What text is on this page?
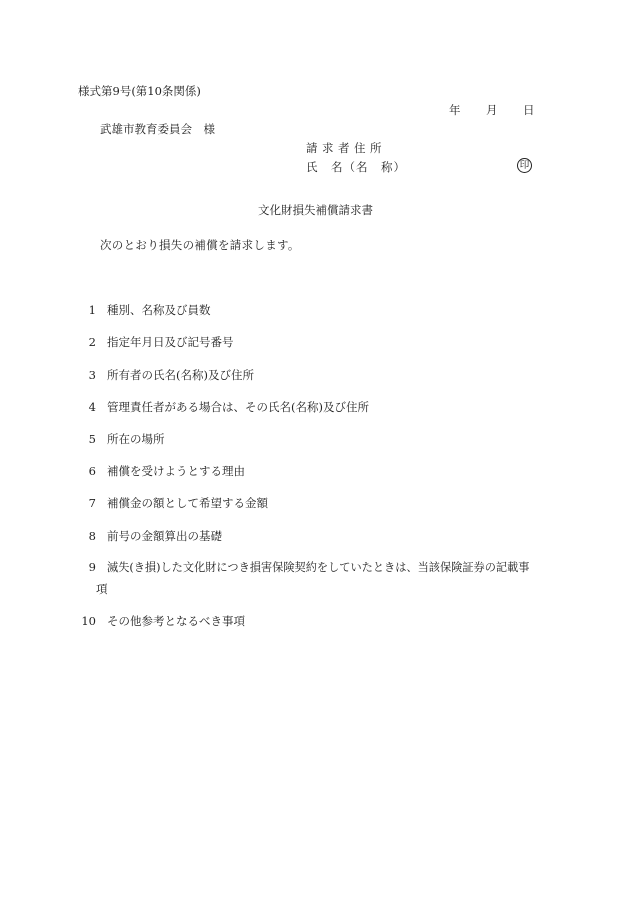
様式第9号(第10条関係)
年 月 日
武雄市教育委員会　様
請求者住所
氏　名（名　称）	印
文化財損失補償請求書
次のとおり損失の補償を請求します。
1 種別、名称及び員数
2 指定年月日及び記号番号
3 所有者の氏名(名称)及び住所
4 管理責任者がある場合は、その氏名(名称)及び住所
5 所在の場所
6 補償を受けようとする理由
7 補償金の額として希望する金額
8 前号の金額算出の基礎
9 滅失(き損)した文化財につき損害保険契約をしていたときは、当該保険証券の記載事
項
10 その他参考となるべき事項
